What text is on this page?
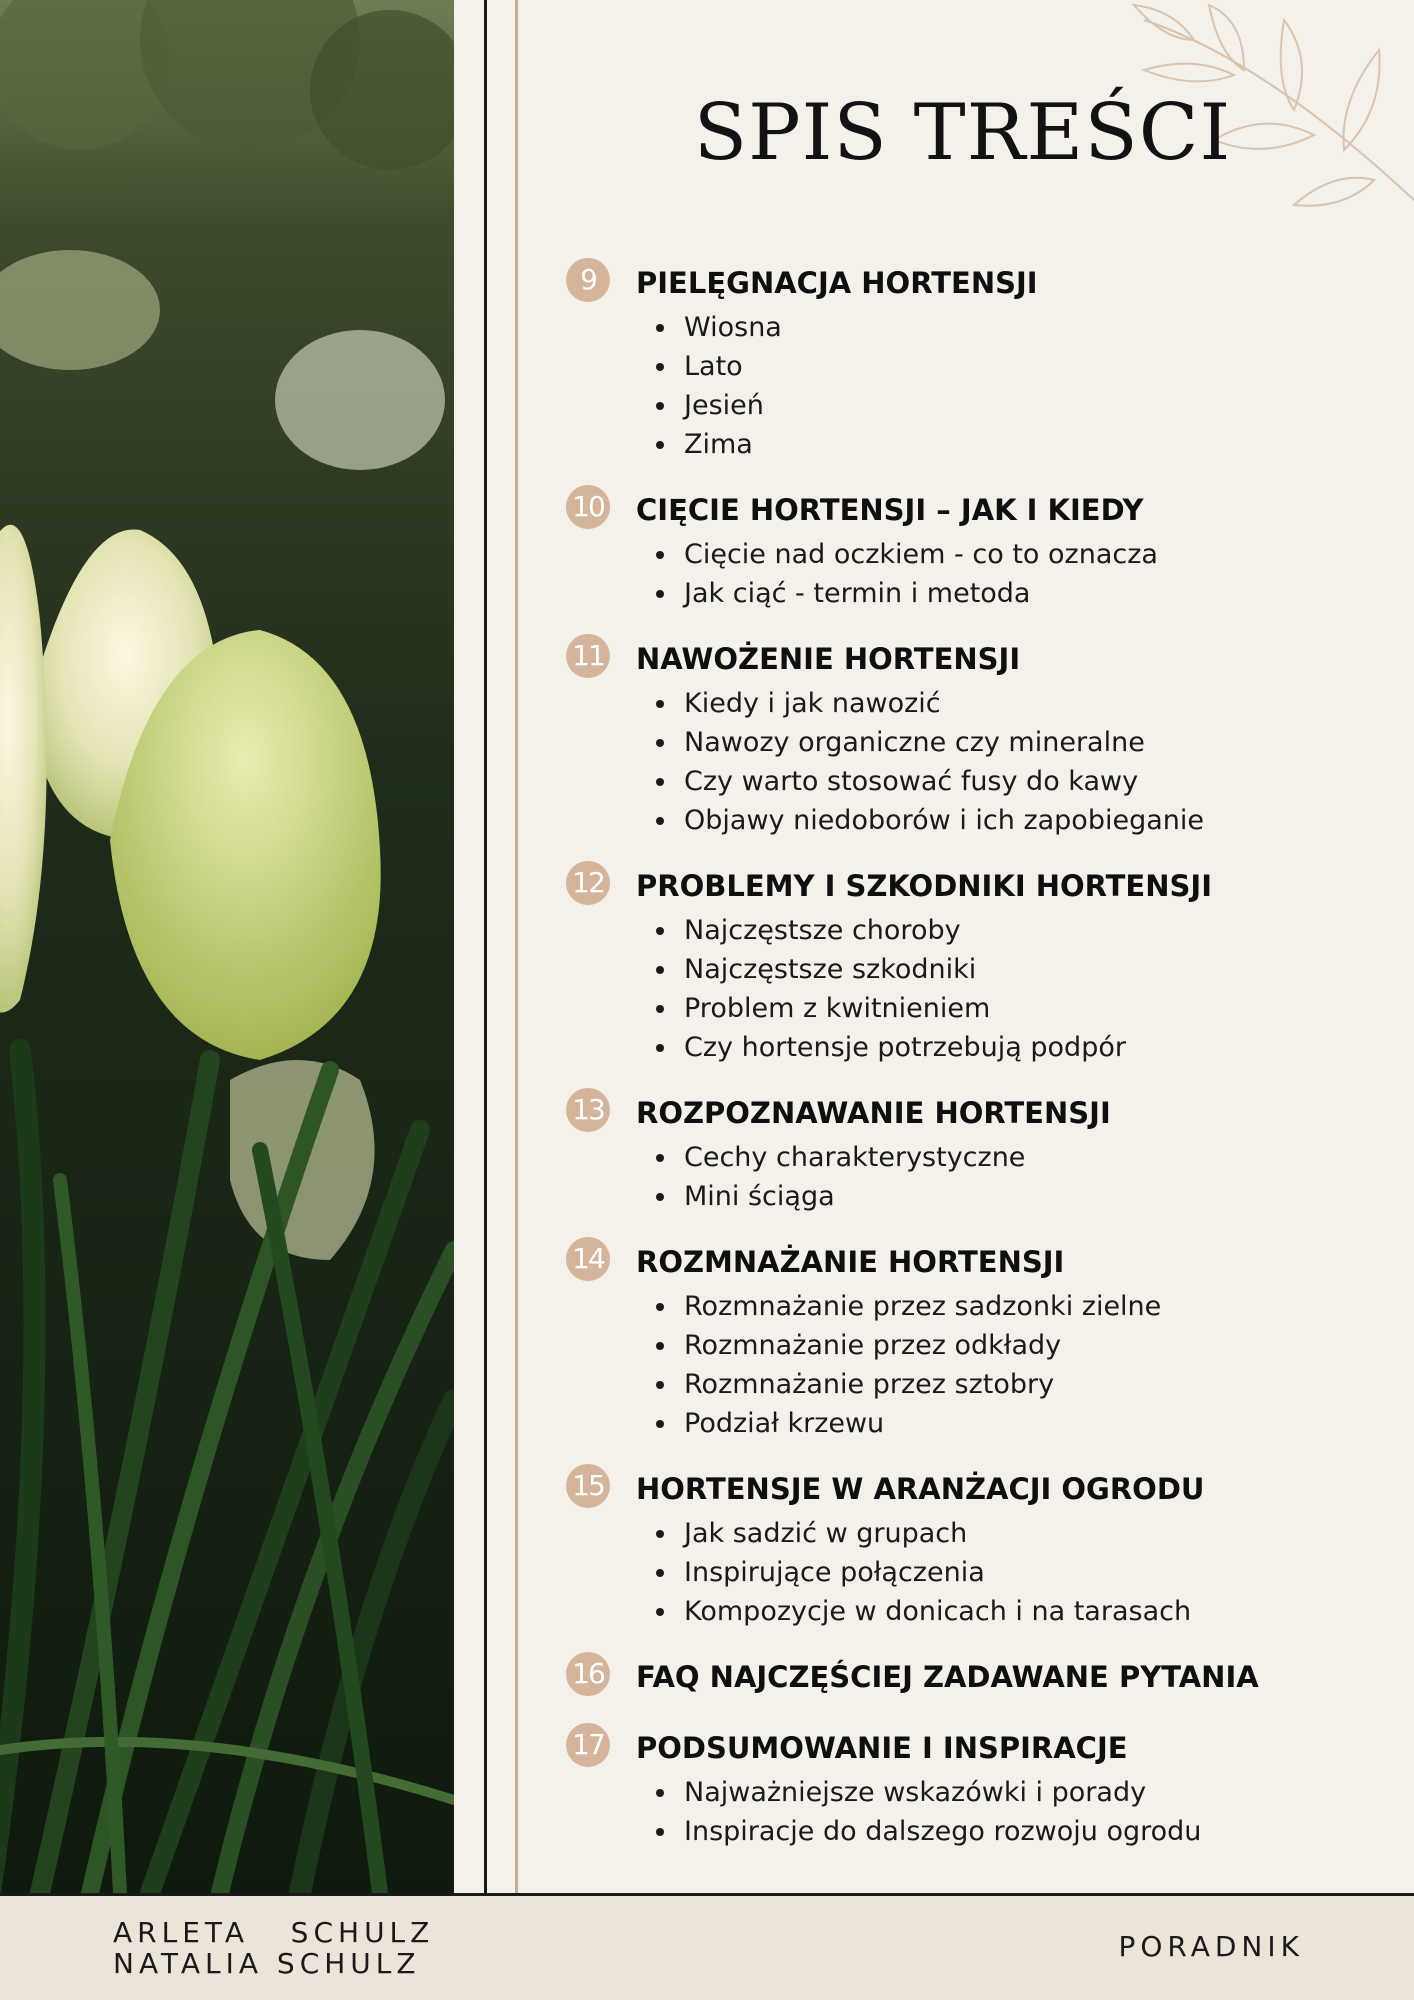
SPIS TREŚCI
9	PIELĘGNACJA HORTENSJI
Wiosna
Lato
Jesień
Zima
10 CIĘCIE HORTENSJI – JAK I KIEDY
Cięcie nad oczkiem - co to oznacza
Jak ciąć - termin i metoda
11 NAWOŻENIE HORTENSJI
Kiedy i jak nawozić
Nawozy organiczne czy mineralne
Czy warto stosować fusy do kawy
Objawy niedoborów i ich zapobieganie
12 PROBLEMY I SZKODNIKI HORTENSJI
Najczęstsze choroby
Najczęstsze szkodniki
Problem z kwitnieniem
Czy hortensje potrzebują podpór
13 ROZPOZNAWANIE HORTENSJI
Cechy charakterystyczne
Mini ściąga
14 ROZMNAŻANIE HORTENSJI
Rozmnażanie przez sadzonki zielne
Rozmnażanie przez odkłady
Rozmnażanie przez sztobry
Podział krzewu
15 HORTENSJE W ARANŻACJI OGRODU
Jak sadzić w grupach
Inspirujące połączenia
Kompozycje w donicach i na tarasach
16 FAQ NAJCZĘŚCIEJ ZADAWANE PYTANIA
17 PODSUMOWANIE I INSPIRACJE
Najważniejsze wskazówki i porady
Inspiracje do dalszego rozwoju ogrodu
ARLETA   SCHULZ
NATALIA SCHULZ
PORADNIK
